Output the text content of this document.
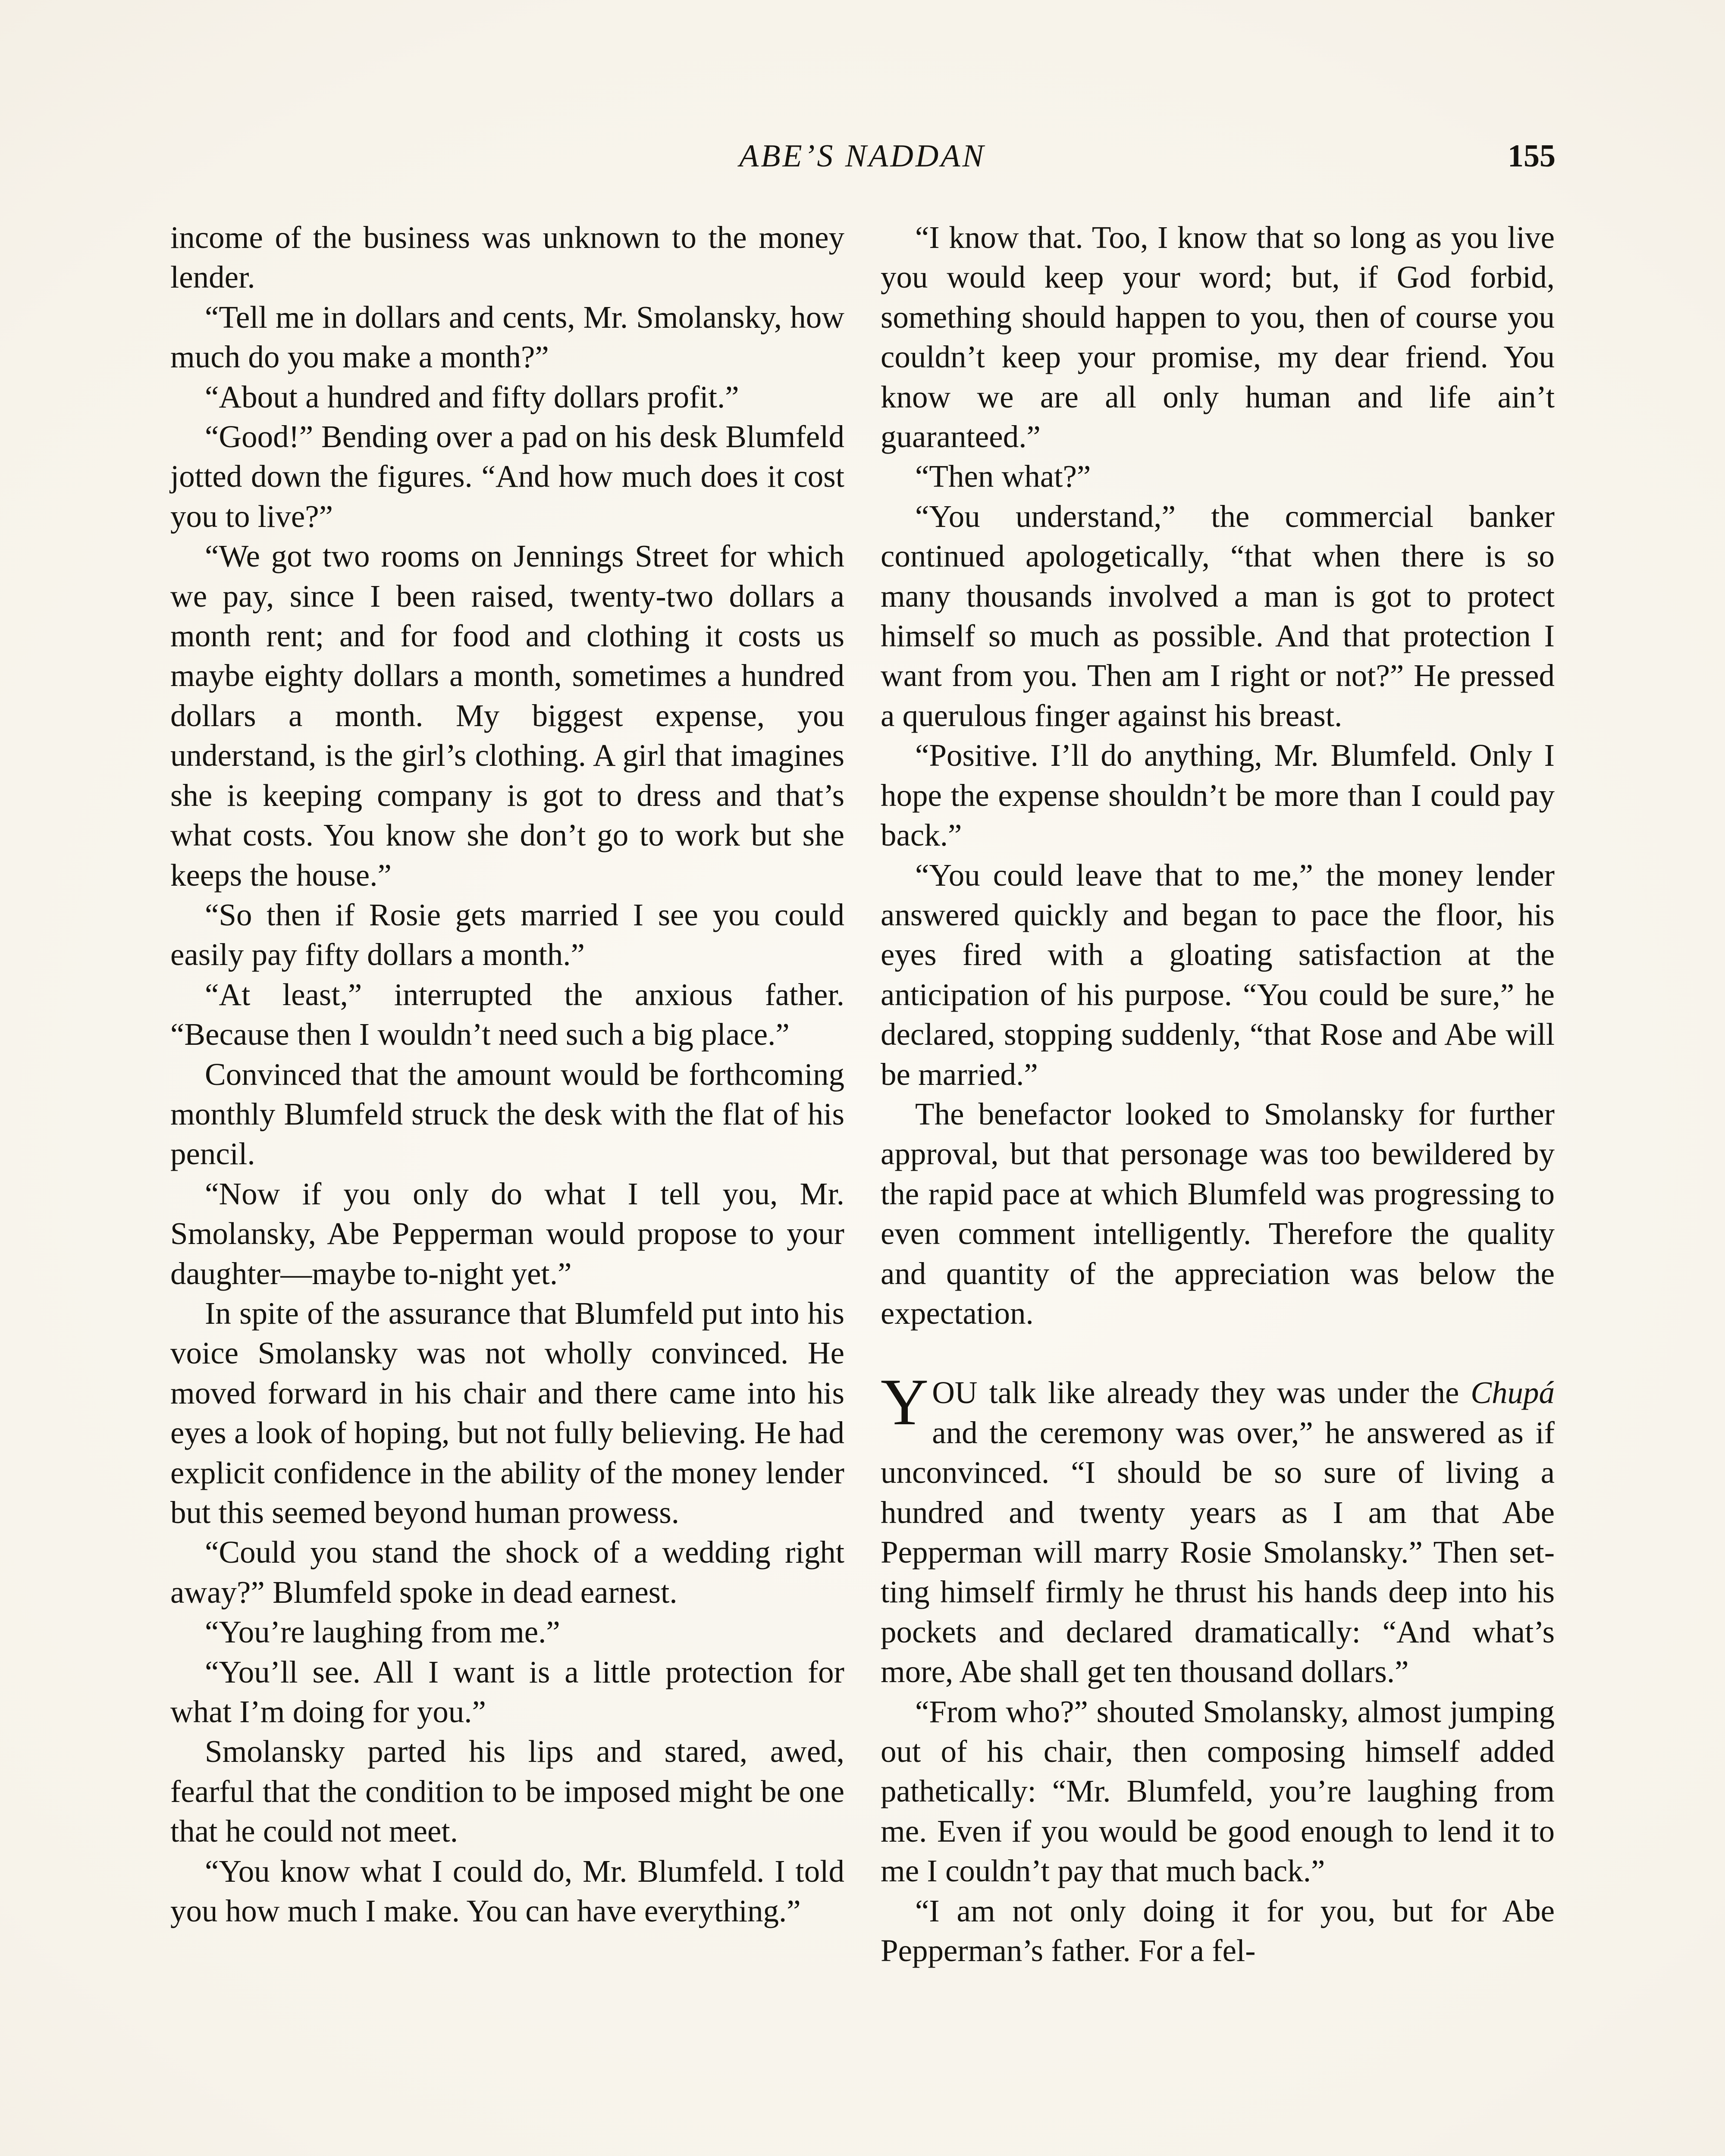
ABE’S NADDAN	155

income of the business was unknown to the money lender.

“Tell me in dollars and cents, Mr. Smolansky, how much do you make a month?”

“About a hundred and fifty dollars profit.”

“Good!” Bending over a pad on his desk Blumfeld jotted down the figures. “And how much does it cost you to live?”

“We got two rooms on Jennings Street for which we pay, since I been raised, twenty-two dollars a month rent; and for food and clothing it costs us maybe eighty dollars a month, sometimes a hundred dollars a month. My biggest expense, you understand, is the girl’s clothing. A girl that imagines she is keeping company is got to dress and that’s what costs. You know she don’t go to work but she keeps the house.”

“So then if Rosie gets married I see you could easily pay fifty dollars a month.”

“At least,” interrupted the anxious father. “Because then I wouldn’t need such a big place.”

Convinced that the amount would be forthcoming monthly Blumfeld struck the desk with the flat of his pencil.

“Now if you only do what I tell you, Mr. Smolansky, Abe Pepperman would propose to your daughter—maybe to-night yet.”

In spite of the assurance that Blumfeld put into his voice Smolansky was not wholly convinced. He moved forward in his chair and there came into his eyes a look of hoping, but not fully believing. He had explicit confidence in the ability of the money lender but this seemed beyond human prowess.

“Could you stand the shock of a wedding right away?” Blumfeld spoke in dead earnest.

“You’re laughing from me.”

“You’ll see. All I want is a little protection for what I’m doing for you.”

Smolansky parted his lips and stared, awed, fearful that the condition to be imposed might be one that he could not meet.

“You know what I could do, Mr. Blumfeld. I told you how much I make. You can have everything.”

“I know that. Too, I know that so long as you live you would keep your word; but, if God forbid, something should happen to you, then of course you couldn’t keep your promise, my dear friend. You know we are all only human and life ain’t guaranteed.”

“Then what?”

“You understand,” the commercial banker continued apologetically, “that when there is so many thousands involved a man is got to protect himself so much as possible. And that protection I want from you. Then am I right or not?” He pressed a querulous finger against his breast.

“Positive. I’ll do anything, Mr. Blumfeld. Only I hope the expense shouldn’t be more than I could pay back.”

“You could leave that to me,” the money lender answered quickly and began to pace the floor, his eyes fired with a gloating satisfaction at the anticipation of his purpose. “You could be sure,” he declared, stopping suddenly, “that Rose and Abe will be married.”

The benefactor looked to Smolansky for further approval, but that personage was too bewildered by the rapid pace at which Blumfeld was progressing to even comment intelligently. Therefore the quality and quantity of the appreciation was below the expectation.

YOU talk like already they was under the Chupá and the ceremony was over,” he answered as if unconvinced. “I should be so sure of living a hundred and twenty years as I am that Abe Pepperman will marry Rosie Smolansky.” Then setting himself firmly he thrust his hands deep into his pockets and declared dramatically: “And what’s more, Abe shall get ten thousand dollars.”

“From who?” shouted Smolansky, almost jumping out of his chair, then composing himself added pathetically: “Mr. Blumfeld, you’re laughing from me. Even if you would be good enough to lend it to me I couldn’t pay that much back.”

“I am not only doing it for you, but for Abe Pepperman’s father. For a fel-
